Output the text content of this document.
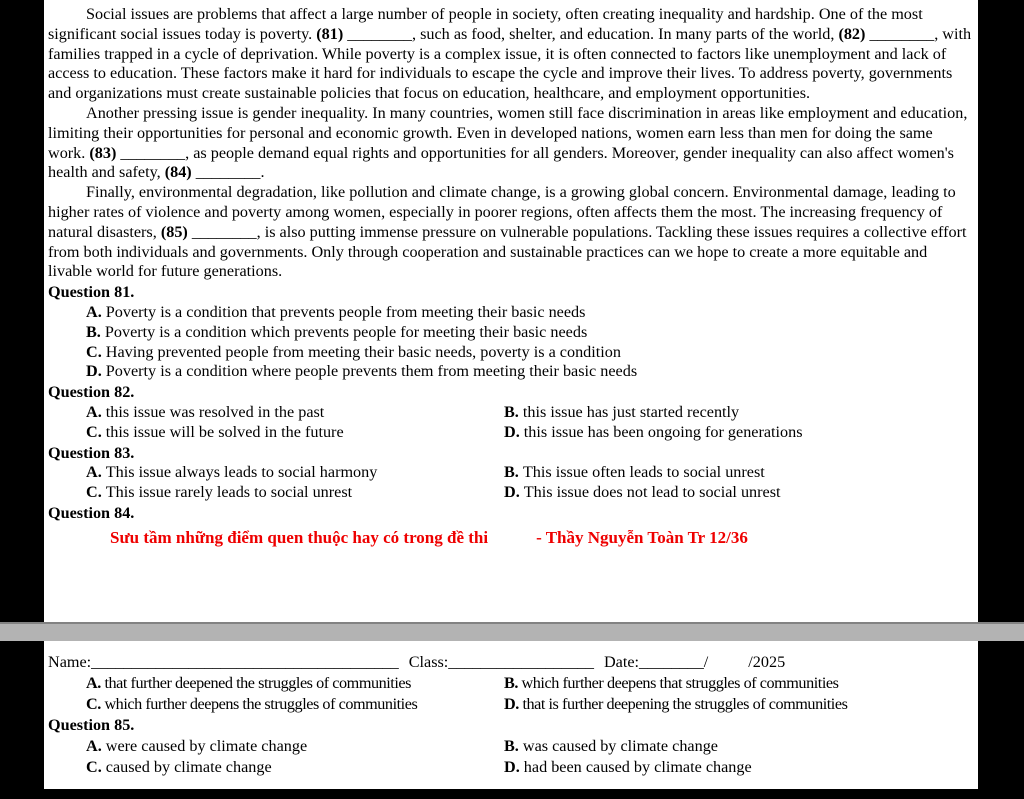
Social issues are problems that affect a large number of people in society, often creating inequality and hardship. One of the most significant social issues today is poverty. (81) ________, such as food, shelter, and education. In many parts of the world, (82) ________, with families trapped in a cycle of deprivation. While poverty is a complex issue, it is often connected to factors like unemployment and lack of access to education. These factors make it hard for individuals to escape the cycle and improve their lives. To address poverty, governments and organizations must create sustainable policies that focus on education, healthcare, and employment opportunities.

Another pressing issue is gender inequality. In many countries, women still face discrimination in areas like employment and education, limiting their opportunities for personal and economic growth. Even in developed nations, women earn less than men for doing the same work. (83) ________, as people demand equal rights and opportunities for all genders. Moreover, gender inequality can also affect women's health and safety, (84) ________.

Finally, environmental degradation, like pollution and climate change, is a growing global concern. Environmental damage, leading to higher rates of violence and poverty among women, especially in poorer regions, often affects them the most. The increasing frequency of natural disasters, (85) ________, is also putting immense pressure on vulnerable populations. Tackling these issues requires a collective effort from both individuals and governments. Only through cooperation and sustainable practices can we hope to create a more equitable and livable world for future generations.

Question 81.
A. Poverty is a condition that prevents people from meeting their basic needs
B. Poverty is a condition which prevents people for meeting their basic needs
C. Having prevented people from meeting their basic needs, poverty is a condition
D. Poverty is a condition where people prevents them from meeting their basic needs
Question 82.
A. this issue was resolved in the past	B. this issue has just started recently
C. this issue will be solved in the future	D. this issue has been ongoing for generations
Question 83.
A. This issue always leads to social harmony	B. This issue often leads to social unrest
C. This issue rarely leads to social unrest	D. This issue does not lead to social unrest
Question 84.
Sưu tầm những điểm quen thuộc hay có trong đề thi	- Thầy Nguyễn Toàn Tr 12/36
Name:______________________________________ Class:__________________ Date:________/ /2025
A. that further deepened the struggles of communities	B. which further deepens that struggles of communities
C. which further deepens the struggles of communities	D. that is further deepening the struggles of communities
Question 85.
A. were caused by climate change	B. was caused by climate change
C. caused by climate change	D. had been caused by climate change
